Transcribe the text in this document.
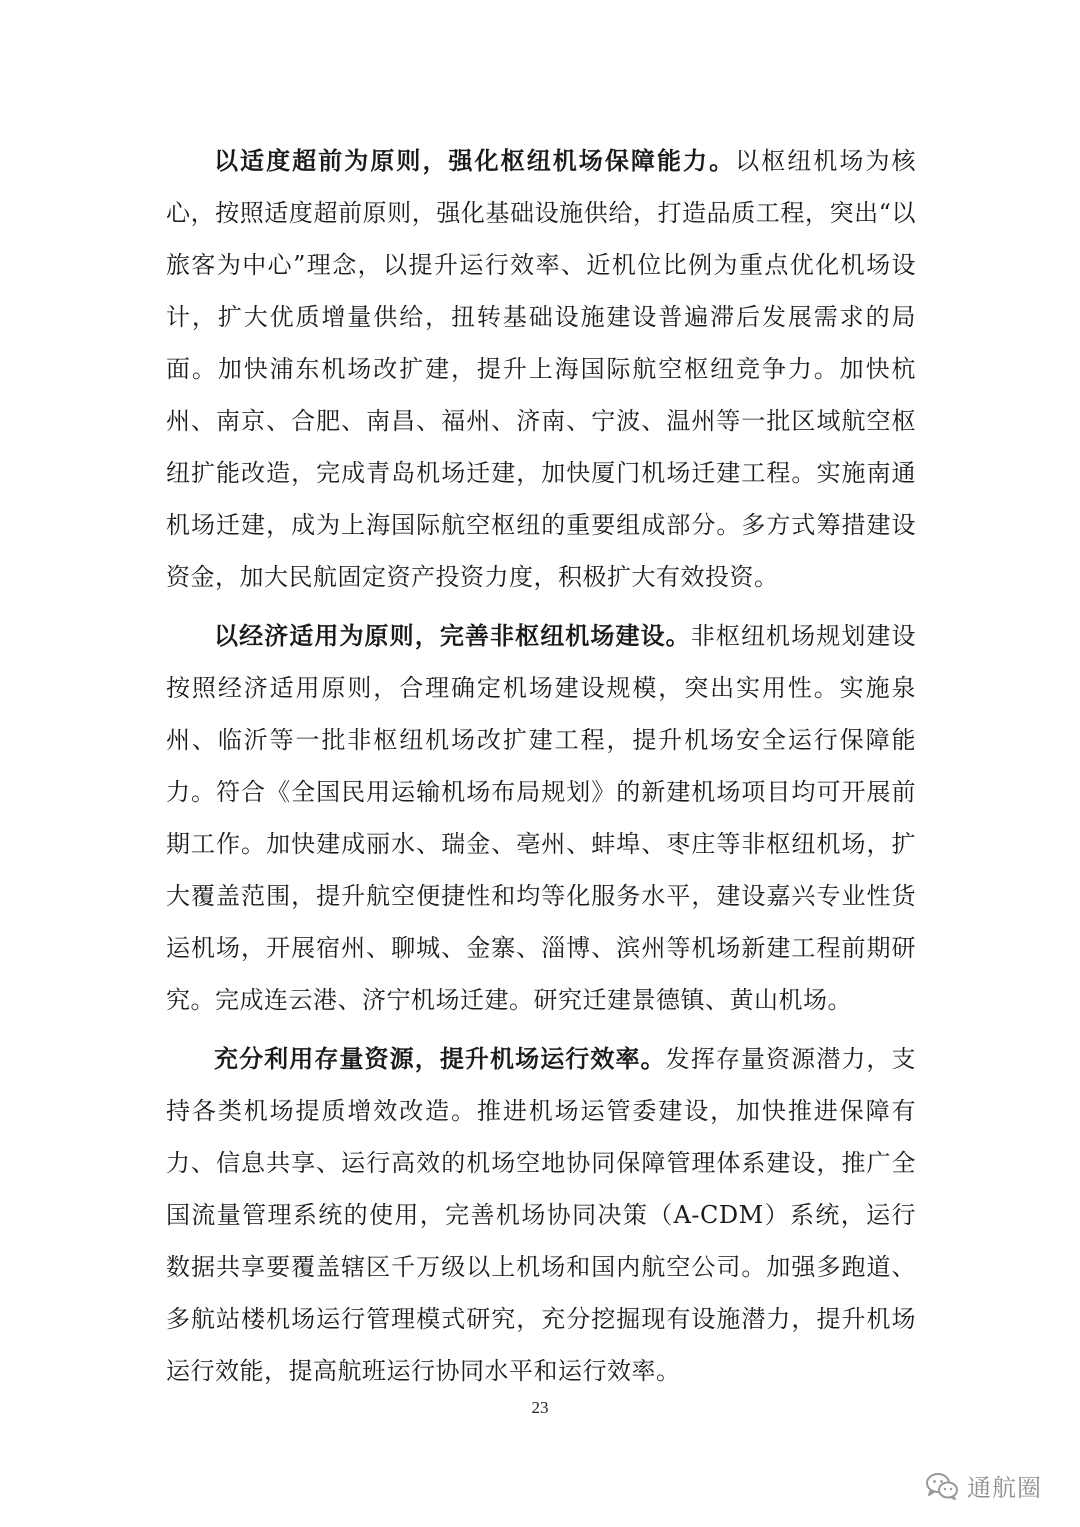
以适度超前为原则，强化枢纽机场保障能力。以枢纽机场为核心，按照适度超前原则，强化基础设施供给，打造品质工程，突出“以旅客为中心”理念，以提升运行效率、近机位比例为重点优化机场设计，扩大优质增量供给，扭转基础设施建设普遍滞后发展需求的局面。加快浦东机场改扩建，提升上海国际航空枢纽竞争力。加快杭州、南京、合肥、南昌、福州、济南、宁波、温州等一批区域航空枢纽扩能改造，完成青岛机场迁建，加快厦门机场迁建工程。实施南通机场迁建，成为上海国际航空枢纽的重要组成部分。多方式筹措建设资金，加大民航固定资产投资力度，积极扩大有效投资。

以经济适用为原则，完善非枢纽机场建设。非枢纽机场规划建设按照经济适用原则，合理确定机场建设规模，突出实用性。实施泉州、临沂等一批非枢纽机场改扩建工程，提升机场安全运行保障能力。符合《全国民用运输机场布局规划》的新建机场项目均可开展前期工作。加快建成丽水、瑞金、亳州、蚌埠、枣庄等非枢纽机场，扩大覆盖范围，提升航空便捷性和均等化服务水平，建设嘉兴专业性货运机场，开展宿州、聊城、金寨、淄博、滨州等机场新建工程前期研究。完成连云港、济宁机场迁建。研究迁建景德镇、黄山机场。

充分利用存量资源，提升机场运行效率。发挥存量资源潜力，支持各类机场提质增效改造。推进机场运管委建设，加快推进保障有力、信息共享、运行高效的机场空地协同保障管理体系建设，推广全国流量管理系统的使用，完善机场协同决策（A-CDM）系统，运行数据共享要覆盖辖区千万级以上机场和国内航空公司。加强多跑道、多航站楼机场运行管理模式研究，充分挖掘现有设施潜力，提升机场运行效能，提高航班运行协同水平和运行效率。

23
通航圈
